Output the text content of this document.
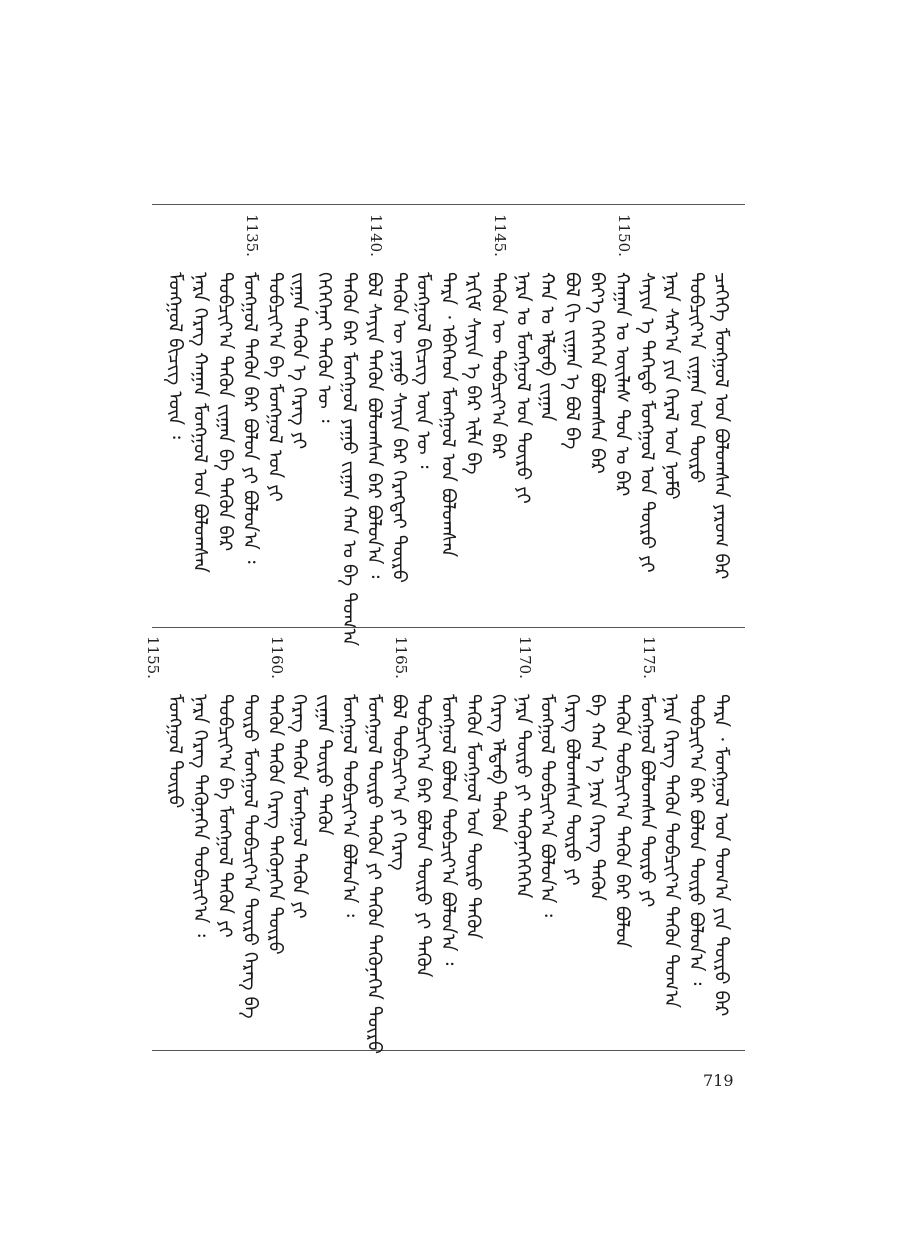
ᠴᠡᠭᠡᠬᠡ ᠮᠣᠩᠭᠤᠯ ᠤᠨ ᠪᠣᠯᠤᠭᠰᠠᠨ ᠶᠠᠷᠤᠭ ᠪᠠᠷ
ᠲᠣᠪᠴᠢᠶ᠎ᠠ ᠵᠢᠭᠠᠨ ᠤᠨ ᠲᠦᠷᠦ
ᠨᠠᠷᠠ ᠰᠠᠷ᠎ᠠ ᠶᠢᠨ ᠭᠡᠷᠡᠯ ᠤᠨ ᠨᠤᠮᠤ
ᠰᠠᠶᠢᠨ ᠡ ᠳᠡᠭᠡᠳᠦ ᠮᠣᠩᠭᠤᠯ ᠤᠨ ᠲᠦᠷᠦ ᠶᠢ
ᠬᠠᠭᠠᠨ ᠤ ᠦᠢᠯᠡᠰ ᠳᠣᠨ ᠤ ᠪᠠᠷ
ᠪᠡᠶ᠎ᠡ ᠭᠡᠭᠡᠭᠡᠨ ᠪᠣᠯᠤᠭᠰᠠᠨ ᠪᠠᠷ
ᠪᠣᠯ ᠬᠢ ᠵᠢᠭᠠᠨ ᠡ ᠪᠣᠯ ᠪᠠ
ᠬᠠᠨ ᠤ ᠡᠯᠳᠡᠪ ᠵᠢᠭᠠᠨ
ᠨᠠᠷᠠ ᠤ ᠮᠣᠩᠭᠤᠯ ᠤᠨ ᠲᠦᠷᠦ ᠶᠢ
ᠲᠡᠭᠦᠨ ᠦ ᠲᠣᠪᠴᠢᠶ᠎ᠠ ᠪᠠᠷ
ᠡᠷᠬᠢᠮ ᠰᠠᠶᠢᠨ ᠡ ᠪᠠᠷ ᠢᠯᠡ ᠪᠠ
ᠲᠡᠷᠡ ᠂ ᠡᠪᠡᠭᠡᠳ ᠮᠣᠩᠭᠤᠯ ᠤᠨ ᠪᠣᠯᠤᠭᠰᠠᠨ
ᠮᠣᠩᠭᠤᠯ ᠪᠢᠴᠢᠭ ᠦᠨ ᠦ ᠄
ᠲᠡᠭᠦᠨ ᠦ ᠶᠠᠭᠤ ᠰᠠᠶᠢᠨ ᠪᠠᠷ ᠬᠡᠷᠡᠭᠲᠡᠢ ᠲᠦᠷᠦ
ᠪᠣᠯ ᠰᠠᠶᠢᠨ ᠲᠡᠭᠦᠨ ᠪᠣᠯᠤᠭᠰᠠᠨ ᠪᠠᠷ ᠪᠣᠯᠤᠨ᠎ᠠ ᠄
ᠲᠡᠭᠦᠨ ᠪᠠᠷ ᠮᠣᠩᠭᠤᠯ ᠶᠠᠭᠤ ᠵᠢᠭᠠᠨ ᠬᠠᠨ ᠤ ᠪᠠ ᠲᠣᠭ᠎ᠠ
ᠭᠡᠭᠡᠭᠡᠨᠡᠢ ᠲᠡᠭᠦᠨ ᠦ ᠄
ᠵᠢᠭᠠᠨ ᠲᠡᠭᠦᠨ ᠡ ᠬᠡᠷᠡᠭ ᠶᠢ
ᠲᠣᠪᠴᠢᠶ᠎ᠠ ᠪᠠ ᠮᠣᠩᠭᠤᠯ ᠤᠨ ᠶᠢ
ᠮᠣᠩᠭᠤᠯ ᠲᠡᠭᠦᠨ ᠪᠠᠷ ᠪᠣᠯᠤᠨ ᠶᠢ ᠪᠣᠯᠤᠨ᠎ᠠ ᠄
ᠲᠣᠪᠴᠢᠶ᠎ᠠ ᠲᠡᠭᠦᠨ ᠵᠢᠭᠠᠨ ᠪᠠ ᠲᠡᠭᠦᠨ ᠪᠠᠷ
ᠨᠠᠷᠠ ᠬᠡᠷᠡᠭ ᠬᠠᠭᠠᠨ ᠮᠣᠩᠭᠤᠯ ᠤᠨ ᠪᠣᠯᠤᠭᠰᠠᠨ
ᠮᠣᠩᠭᠤᠯ ᠪᠢᠴᠢᠭ ᠦᠨ ᠄
1150.
1145.
1140.
1135.
ᠲᠡᠷᠡ ᠂ ᠮᠣᠩᠭᠤᠯ ᠤᠨ ᠲᠣᠭ᠎ᠠ ᠶᠢᠨ ᠲᠦᠷᠦ ᠪᠠᠷ
ᠲᠣᠪᠴᠢᠶ᠎ᠠ ᠪᠠᠷ ᠪᠣᠯᠤᠨ ᠲᠦᠷᠦ ᠪᠣᠯᠤᠨ᠎ᠠ ᠄
ᠨᠠᠷᠠ ᠬᠡᠷᠡᠭ ᠲᠡᠭᠦᠨ ᠲᠣᠪᠴᠢᠶ᠎ᠠ ᠲᠡᠭᠦᠨ ᠲᠣᠭ᠎ᠠ
ᠮᠣᠩᠭᠤᠯ ᠪᠣᠯᠤᠭᠰᠠᠨ ᠲᠦᠷᠦ ᠶᠢ
ᠲᠡᠭᠦᠨ ᠲᠣᠪᠴᠢᠶ᠎ᠠ ᠲᠡᠭᠦᠨ ᠪᠠᠷ ᠪᠣᠯᠤᠨ
ᠪᠠ ᠬᠠᠨ ᠡ ᠨᠠᠷᠠ ᠬᠡᠷᠡᠭ ᠲᠡᠭᠦᠨ
ᠬᠡᠷᠡᠭ ᠪᠣᠯᠤᠭᠰᠠᠨ ᠲᠦᠷᠦ ᠶᠢ
ᠮᠣᠩᠭᠤᠯ ᠲᠣᠪᠴᠢᠶ᠎ᠠ ᠪᠣᠯᠤᠨ᠎ᠠ ᠄
ᠨᠠᠷᠠ ᠲᠦᠷᠦ ᠶᠢ ᠲᠡᠭᠦᠨᠡᠭᠡᠭᠡᠭᠡᠨ
ᠬᠡᠷᠡᠭ ᠡᠯᠳᠡᠪ ᠲᠡᠭᠦᠨ
ᠲᠡᠭᠦᠨ ᠮᠣᠩᠭᠤᠯ ᠤᠨ ᠲᠦᠷᠦ ᠲᠡᠭᠦᠨ
ᠮᠣᠩᠭᠤᠯ ᠪᠣᠯᠤᠨ ᠲᠣᠪᠴᠢᠶ᠎ᠠ ᠪᠣᠯᠤᠨ᠎ᠠ ᠄
ᠲᠣᠪᠴᠢᠶ᠎ᠠ ᠪᠠᠷ ᠪᠣᠯᠤᠨ ᠲᠦᠷᠦ ᠶᠢ ᠲᠡᠭᠦᠨ
ᠪᠣᠯ ᠲᠣᠪᠴᠢᠶ᠎ᠠ ᠶᠢ ᠬᠡᠷᠡᠭ
ᠮᠣᠩᠭᠤᠯ ᠲᠦᠷᠦ ᠲᠡᠭᠦᠨ ᠶᠢ ᠲᠡᠭᠦᠨ ᠲᠡᠭᠦᠨᠡᠭᠡᠨ ᠲᠦᠷᠦ
ᠮᠣᠩᠭᠤᠯ ᠲᠣᠪᠴᠢᠶ᠎ᠠ ᠪᠣᠯᠤᠨ᠎ᠠ ᠄
ᠵᠢᠭᠠᠨ ᠲᠦᠷᠦ ᠲᠡᠭᠦᠨ
ᠬᠡᠷᠡᠭ ᠲᠡᠭᠦᠨ ᠮᠣᠩᠭᠤᠯ ᠲᠡᠭᠦᠨ ᠶᠢ
ᠲᠡᠭᠦᠨ ᠲᠡᠭᠦᠨ ᠬᠡᠷᠡᠭ ᠲᠡᠭᠦᠨᠡᠭᠡᠨ ᠲᠦᠷᠦ
ᠲᠦᠷᠦ ᠮᠣᠩᠭᠤᠯ ᠲᠣᠪᠴᠢᠶ᠎ᠠ ᠲᠦᠷᠦ ᠬᠡᠷᠡᠭ ᠪᠠ
ᠲᠣᠪᠴᠢᠶ᠎ᠠ ᠪᠠ ᠮᠣᠩᠭᠤᠯ ᠲᠡᠭᠦᠨ ᠶᠢ
ᠨᠠᠷᠠ ᠬᠡᠷᠡᠭ ᠲᠡᠭᠦᠨᠡᠭᠡᠨ ᠲᠣᠪᠴᠢᠶ᠎ᠠ ᠄
ᠮᠣᠩᠭᠤᠯ ᠲᠦᠷᠦ
1175.
1170.
1165.
1160.
1155.
719
